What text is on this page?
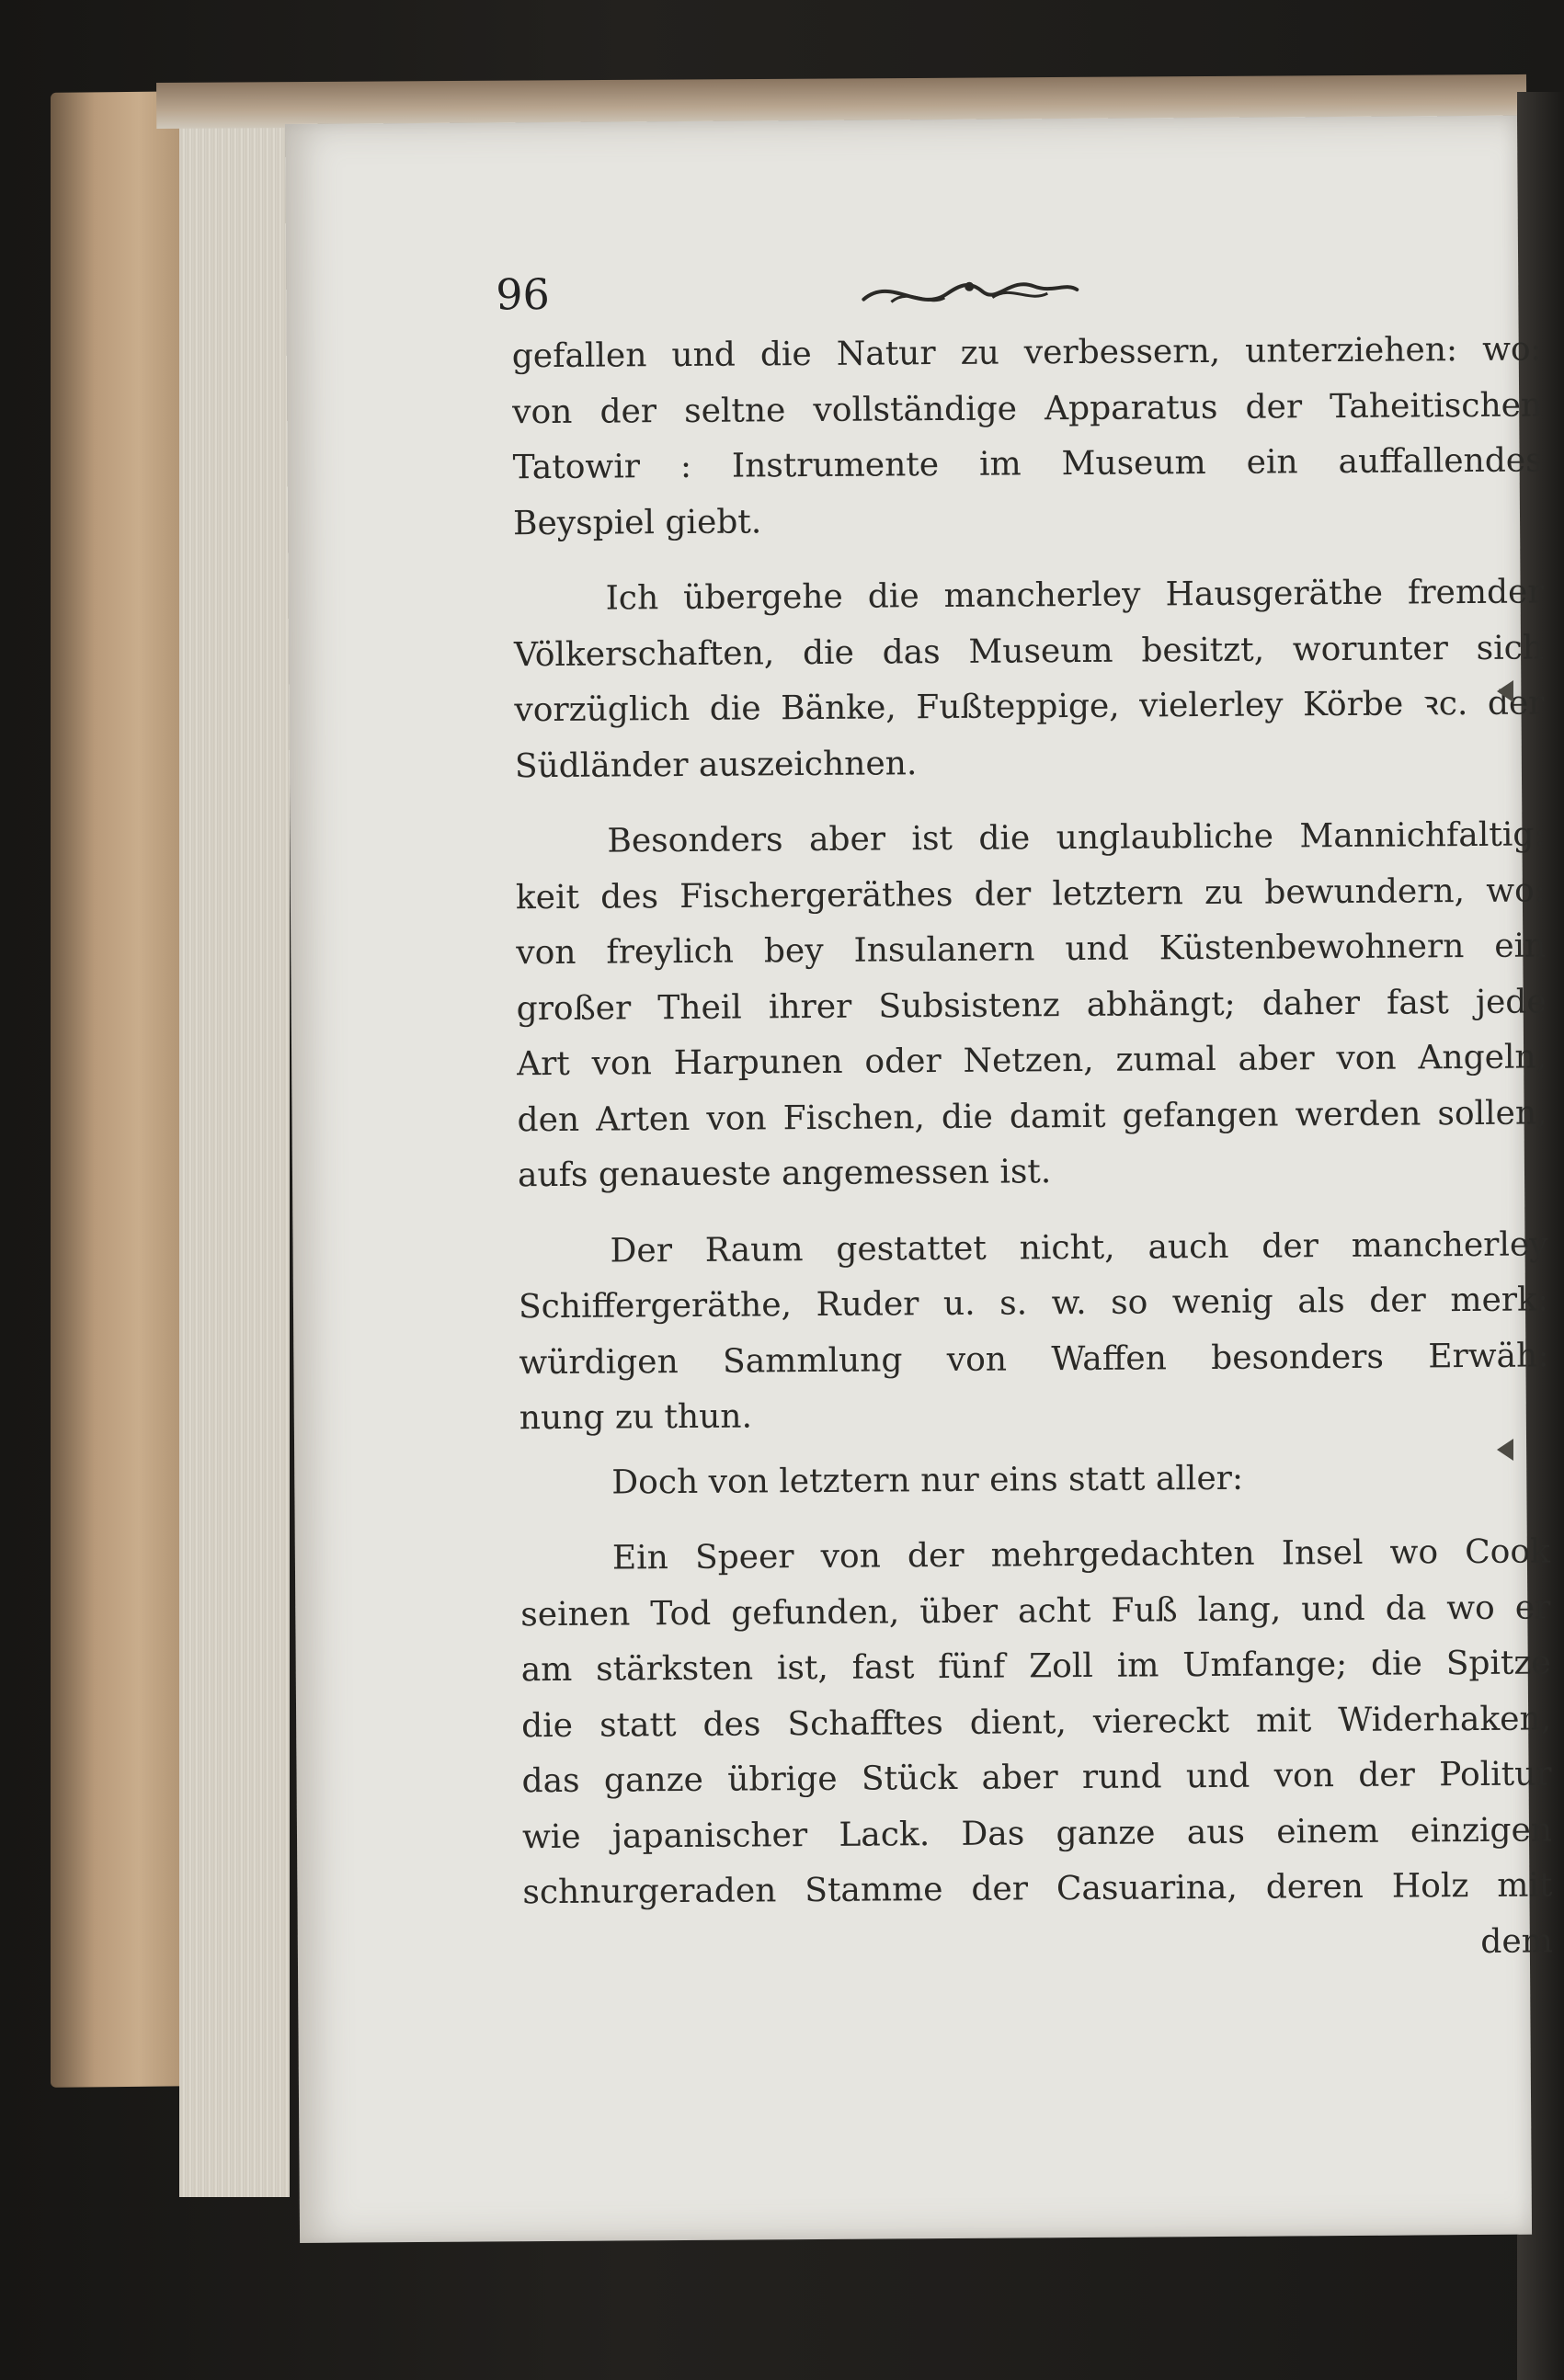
96
gefallen und die Natur zu verbessern, unterziehen: wo:
von der seltne vollständige Apparatus der Taheitischen
Tatowir : Instrumente im Museum ein auffallendes
Beyspiel giebt.
Ich übergehe die mancherley Hausgeräthe fremder
Völkerschaften, die das Museum besitzt, worunter sich
vorzüglich die Bänke, Fußteppige, vielerley Körbe ꝛc. der
Südländer auszeichnen.
Besonders aber ist die unglaubliche Mannichfaltig:
keit des Fischergeräthes der letztern zu bewundern, wo:
von freylich bey Insulanern und Küstenbewohnern ein
großer Theil ihrer Subsistenz abhängt; daher fast jede
Art von Harpunen oder Netzen, zumal aber von Angeln,
den Arten von Fischen, die damit gefangen werden sollen,
aufs genaueste angemessen ist.
Der Raum gestattet nicht, auch der mancherley
Schiffergeräthe, Ruder u. s. w. so wenig als der merk:
würdigen Sammlung von Waffen besonders Erwäh:
nung zu thun.
Doch von letztern nur eins statt aller:
Ein Speer von der mehrgedachten Insel wo Cook
seinen Tod gefunden, über acht Fuß lang, und da wo er
am stärksten ist, fast fünf Zoll im Umfange; die Spitze
die statt des Schafftes dient, viereckt mit Widerhaken,
das ganze übrige Stück aber rund und von der Politur
wie japanischer Lack. Das ganze aus einem einzigen
schnurgeraden Stamme der Casuarina, deren Holz mit
dem
